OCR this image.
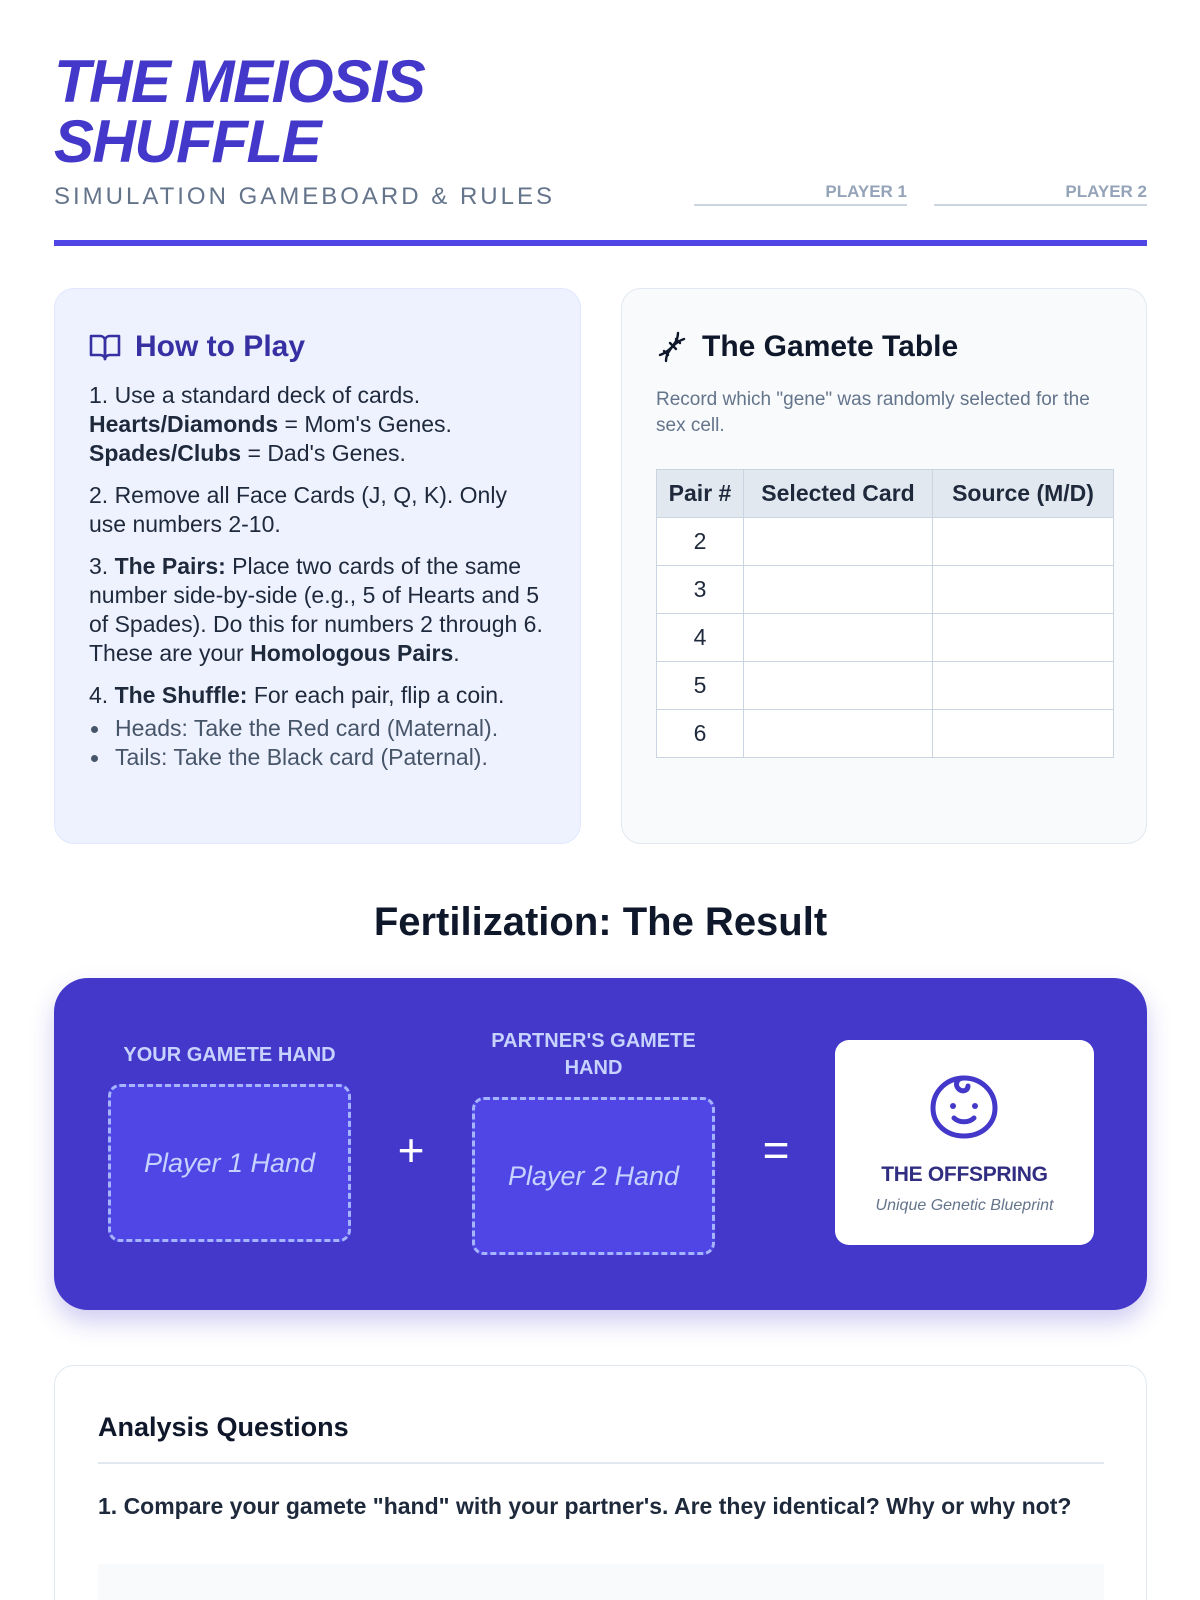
THE MEIOSIS SHUFFLE
SIMULATION GAMEBOARD & RULES	PLAYER 1	PLAYER 2
How to Play

1. Use a standard deck of cards.
Hearts/Diamonds = Mom's Genes.
Spades/Clubs = Dad's Genes.

2. Remove all Face Cards (J, Q, K). Only use numbers 2-10.

3. The Pairs: Place two cards of the same number side-by-side (e.g., 5 of Hearts and 5 of Spades). Do this for numbers 2 through 6. These are your Homologous Pairs.

4. The Shuffle: For each pair, flip a coin.

Heads: Take the Red card (Maternal).
Tails: Take the Black card (Paternal).
The Gamete Table

Record which "gene" was randomly selected for the sex cell.

Pair #	Selected Card	Source (M/D)
2		
3		
4		
5		
6		
Fertilization: The Result
YOUR GAMETE HAND
Player 1 Hand	+
PARTNER'S GAMETE HAND
Player 2 Hand	=	THE OFFSPRING
Unique Genetic Blueprint
Analysis Questions

1. Compare your gamete "hand" with your partner's. Are they identical? Why or why not?
